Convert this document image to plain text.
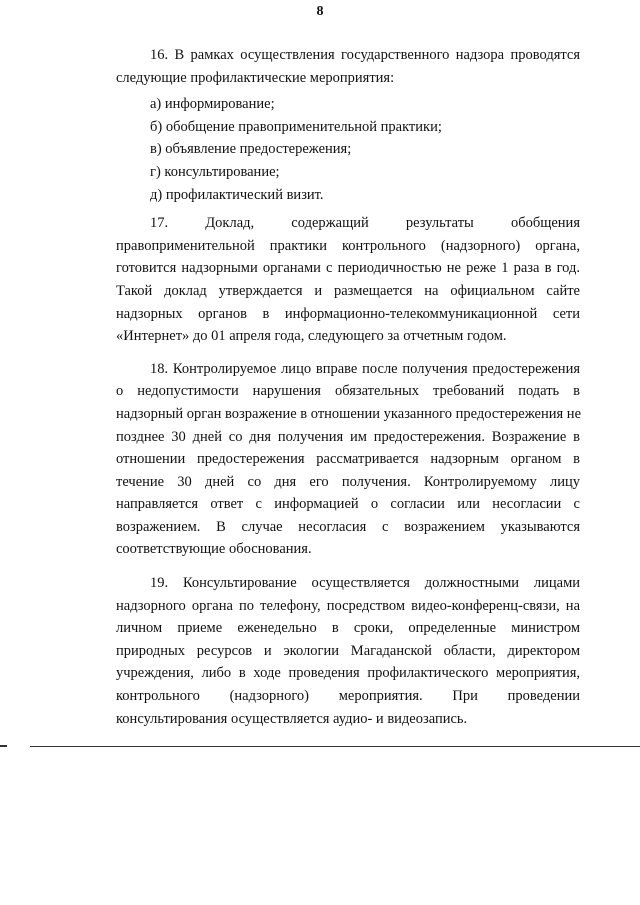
8
16. В рамках осуществления государственного надзора проводятся
следующие профилактические мероприятия:
а) информирование;
б) обобщение правоприменительной практики;
в) объявление предостережения;
г) консультирование;
д) профилактический визит.
17. Доклад, содержащий результаты обобщения
правоприменительной практики контрольного (надзорного) органа,
готовится надзорными органами с периодичностью не реже 1 раза в год.
Такой доклад утверждается и размещается на официальном сайте
надзорных органов в информационно-телекоммуникационной сети
«Интернет» до 01 апреля года, следующего за отчетным годом.
18. Контролируемое лицо вправе после получения предостережения
о недопустимости нарушения обязательных требований подать в
надзорный орган возражение в отношении указанного предостережения не
позднее 30 дней со дня получения им предостережения. Возражение в
отношении предостережения рассматривается надзорным органом в
течение 30 дней со дня его получения. Контролируемому лицу
направляется ответ с информацией о согласии или несогласии с
возражением. В случае несогласия с возражением указываются
соответствующие обоснования.
19. Консультирование осуществляется должностными лицами
надзорного органа по телефону, посредством видео-конференц-связи, на
личном приеме еженедельно в сроки, определенные министром
природных ресурсов и экологии Магаданской области, директором
учреждения, либо в ходе проведения профилактического мероприятия,
контрольного (надзорного) мероприятия. При проведении
консультирования осуществляется аудио- и видеозапись.
